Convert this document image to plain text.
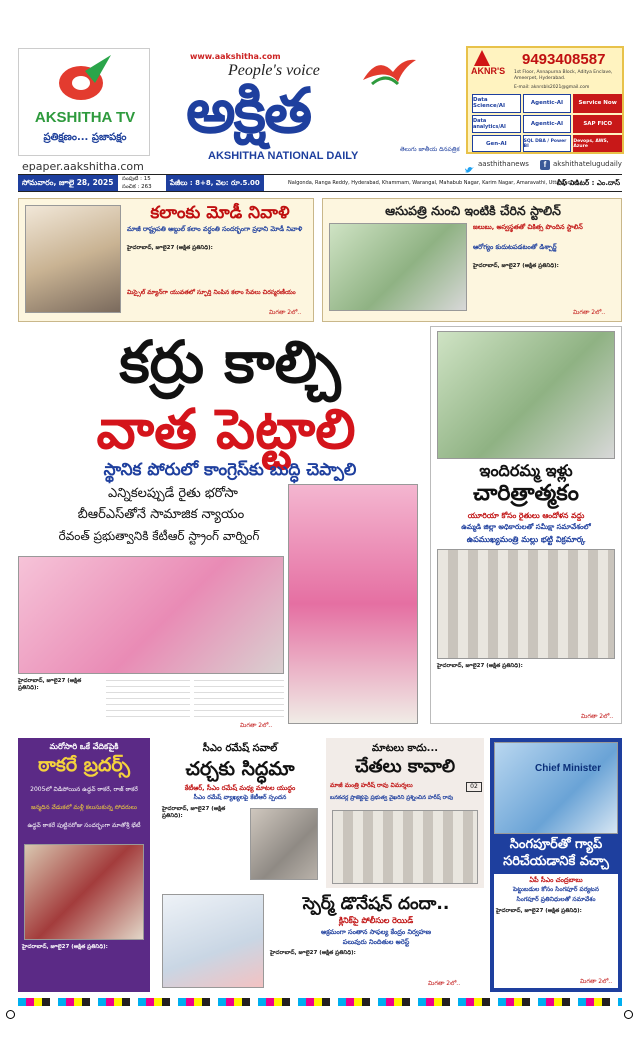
AKSHITHA TV
ప్రతిక్షణం... ప్రజాపక్షం
epaper.aakshitha.com
www.aakshitha.com
People's voice
అక్షిత
AKSHITHA NATIONAL DAILY
తెలుగు జాతీయ దినపత్రిక
AKNR'S
9493408587
1st Floor, Annapurna Block, Aditya Enclave, Ameerpet, Hyderabad.
E-mail: aknrsbls2021@gmail.com
Data Science/AI	Agentic-AI	Service Now
Data analytics/AI	Agentic-AI	SAP FICO
Gen-AI	SQL DBA / Power BI
Devops, AWS, Azure
aasthithanews	f akshithatelugudaily
సోమవారం, జూలై 28, 2025	సంపుటి : 15
సంచిక : 263	పేజీలు : 8+8, వెల: రూ.5.00	Nalgonda, Ranga Reddy, Hyderabad, Khammam, Warangal, Mahabub Nagar, Karim Nagar, Amaravathi, Uttarandhra
చీఫ్ ఎడిటర్ : ఎం.దాస్
కలాంకు మోడీ నివాళి
మాజీ రాష్ట్రపతి అబ్దుల్ కలాం వర్ధంతి సందర్భంగా ప్రధాని మోడీ నివాళి
హైదరాబాద్, జూలై27 (అక్షిత ప్రతినిధి):
మిస్సైల్ మ్యాన్‌గా యువతలో స్ఫూర్తి నింపిన కలాం సేవలు చిరస్మరణీయం
మిగతా 2లో..
ఆసుపత్రి నుంచి ఇంటికి చేరిన స్టాలిన్
జలుబు, అస్వస్థతతో చికిత్స పొందిన స్టాలిన్
ఆరోగ్యం కుదుటపడటంతో డిశ్చార్జ్
హైదరాబాద్, జూలై27 (అక్షిత ప్రతినిధి):
మిగతా 2లో..
కర్రు కాల్చి
వాత పెట్టాలి
స్థానిక పోరులో కాంగ్రెస్‌కు బుద్ధి చెప్పాలి
ఎన్నికలప్పుడే రైతు భరోసా
బీఆర్ఎస్‌తోనే సామాజిక న్యాయం
రేవంత్ ప్రభుత్వానికి కేటీఆర్ స్ట్రాంగ్ వార్నింగ్
హైదరాబాద్, జూలై27 (అక్షిత ప్రతినిధి):
మిగతా 2లో..
ఇందిరమ్మ ఇళ్లు
చారిత్రాత్మకం
యూరియా కోసం రైతులు ఆందోళన వద్దు
ఉమ్మడి జిల్లా అధికారులతో సమీక్షా సమావేశంలో
ఉపముఖ్యమంత్రి మల్లు భట్టి విక్రమార్క
హైదరాబాద్, జూలై27 (అక్షిత ప్రతినిధి):
మిగతా 2లో..
మరోసారి ఒకే వేదికపైకి
ఠాకరే బ్రదర్స్
2005లో విడిపోయిన ఉద్ధవ్ ఠాకరే, రాజ్ ఠాకరే
జన్మదిన వేడుకలో మళ్లీ కలుసుకున్న సోదరులు
ఉద్ధవ్ ఠాకరే పుట్టినరోజు సందర్భంగా మాతోశ్రీ భేటీ
హైదరాబాద్, జూలై27 (అక్షిత ప్రతినిధి):
సీఎం రమేష్ సవాల్
చర్చకు సిద్ధమా
కేటీఆర్, సీఎం రమేష్ మధ్య మాటల యుద్ధం
సీఎం రమేష్ వ్యాఖ్యలపై కేటీఆర్ స్పందన
హైదరాబాద్, జూలై27 (అక్షిత ప్రతినిధి):
మాటలు కాదు...
చేతలు కావాలి
02
మాజీ మంత్రి హరీష్ రావు విమర్శలు
బనకచర్ల ప్రాజెక్టుపై ప్రభుత్వ వైఖరిని ప్రశ్నించిన హరీష్ రావు
Chief Minister
సింగపూర్‌తో గ్యాప్ సరిచేయడానికే వచ్చా
ఏపీ సీఎం చంద్రబాబు
పెట్టుబడుల కోసం సింగపూర్ పర్యటన
సింగపూర్ ప్రతినిధులతో సమావేశం
హైదరాబాద్, జూలై27 (అక్షిత ప్రతినిధి):
మిగతా 2లో..
స్పెర్మ్ డొనేషన్ దందా..
క్లినిక్‌పై పోలీసుల రెయిడ్
అక్రమంగా సంతాన సాఫల్య కేంద్రం నిర్వహణ
పలువురు నిందితుల అరెస్ట్
హైదరాబాద్, జూలై27 (అక్షిత ప్రతినిధి):
మిగతా 2లో..
